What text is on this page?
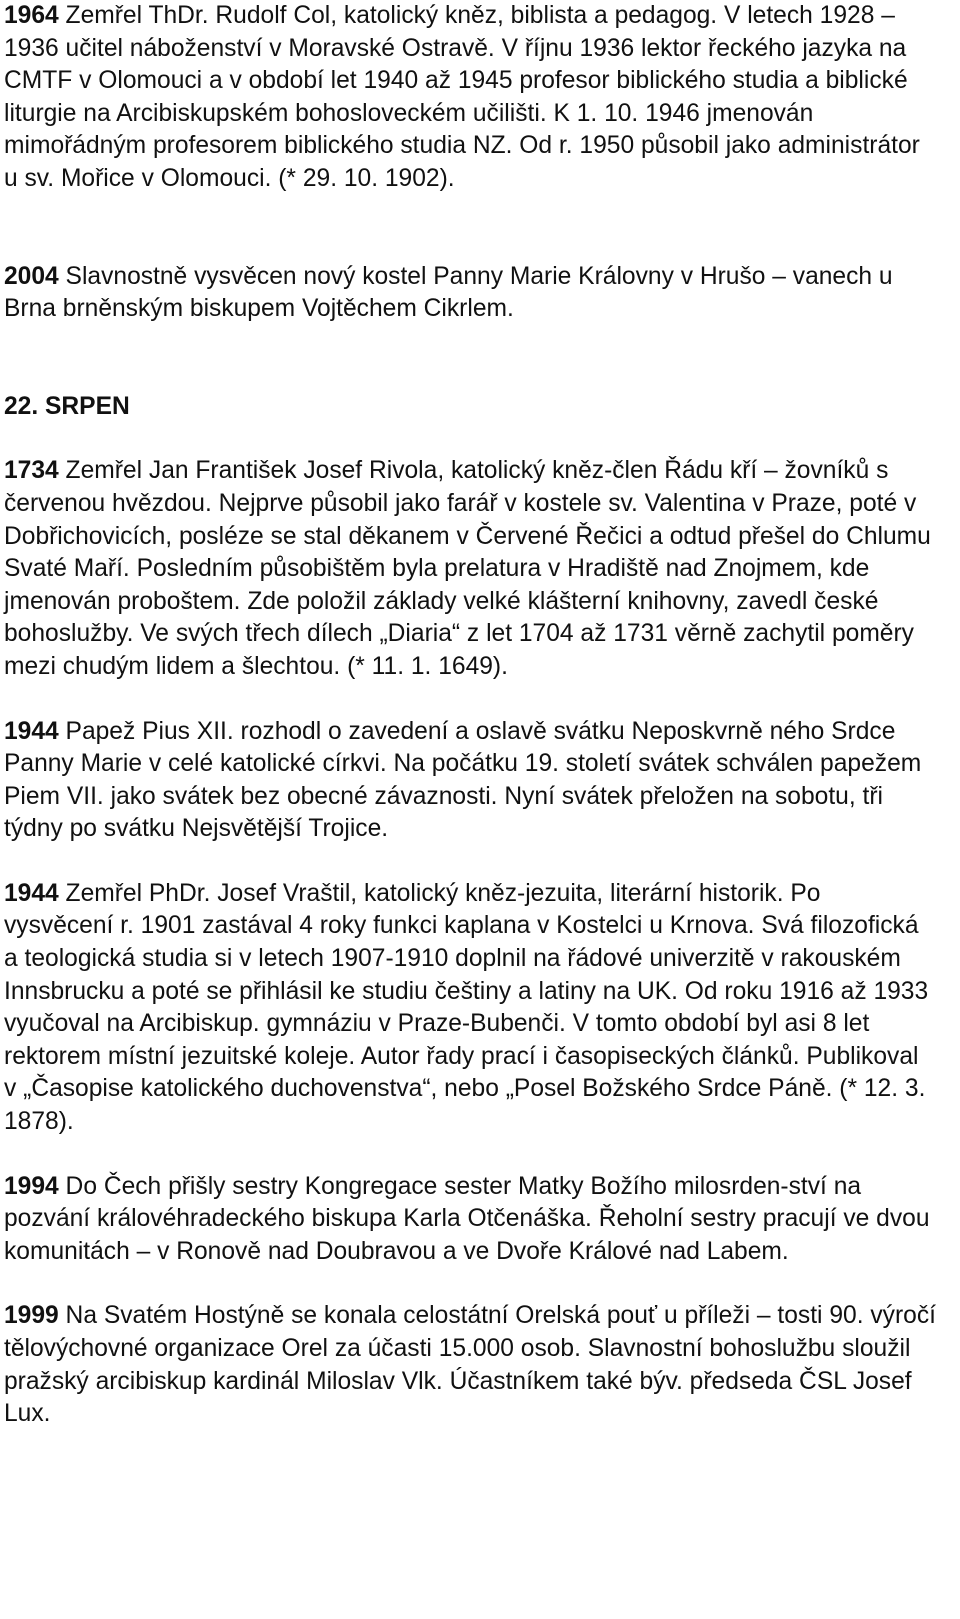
1964 Zemřel ThDr. Rudolf Col, katolický kněz, biblista a pedagog. V letech 1928 – 1936 učitel náboženství v Moravské Ostravě. V říjnu 1936 lektor řeckého jazyka na CMTF v Olomouci a v období let 1940 až 1945 profesor biblického studia a biblické liturgie na Arcibiskupském bohosloveckém učilišti. K 1. 10. 1946 jmenován mimořádným profesorem biblického studia NZ. Od r. 1950 působil jako administrátor u sv. Mořice v Olomouci. (* 29. 10. 1902).

2004 Slavnostně vysvěcen nový kostel Panny Marie Královny v Hrušo – vanech u Brna brněnským biskupem Vojtěchem Cikrlem.

22. SRPEN

1734 Zemřel Jan František Josef Rivola, katolický kněz-člen Řádu kří – žovníků s červenou hvězdou. Nejprve působil jako farář v kostele sv. Valentina v Praze, poté v Dobřichovicích, posléze se stal děkanem v Červené Řečici a odtud přešel do Chlumu Svaté Maří. Posledním působištěm byla prelatura v Hradiště nad Znojmem, kde jmenován proboštem. Zde položil základy velké klášterní knihovny, zavedl české bohoslužby. Ve svých třech dílech „Diaria“ z let 1704 až 1731 věrně zachytil poměry mezi chudým lidem a šlechtou. (* 11. 1. 1649).

1944 Papež Pius XII. rozhodl o zavedení a oslavě svátku Neposkvrně ného Srdce Panny Marie v celé katolické církvi. Na počátku 19. století svátek schválen papežem Piem VII. jako svátek bez obecné závaznosti. Nyní svátek přeložen na sobotu, tři týdny po svátku Nejsvětější Trojice.

1944 Zemřel PhDr. Josef Vraštil, katolický kněz-jezuita, literární historik. Po vysvěcení r. 1901 zastával 4 roky funkci kaplana v Kostelci u Krnova. Svá filozofická a teologická studia si v letech 1907-1910 doplnil na řádové univerzitě v rakouském Innsbrucku a poté se přihlásil ke studiu češtiny a latiny na UK. Od roku 1916 až 1933 vyučoval na Arcibiskup. gymnáziu v Praze-Bubenči. V tomto období byl asi 8 let rektorem místní jezuitské koleje. Autor řady prací i časopiseckých článků. Publikoval v „Časopise katolického duchovenstva“, nebo „Posel Božského Srdce Páně. (* 12. 3. 1878).

1994 Do Čech přišly sestry Kongregace sester Matky Božího milosrden-ství na pozvání královéhradeckého biskupa Karla Otčenáška. Řeholní sestry pracují ve dvou komunitách – v Ronově nad Doubravou a ve Dvoře Králové nad Labem.

1999 Na Svatém Hostýně se konala celostátní Orelská pouť u příleži – tosti 90. výročí tělovýchovné organizace Orel za účasti 15.000 osob. Slavnostní bohoslužbu sloužil pražský arcibiskup kardinál Miloslav Vlk. Účastníkem také býv. předseda ČSL Josef Lux.
